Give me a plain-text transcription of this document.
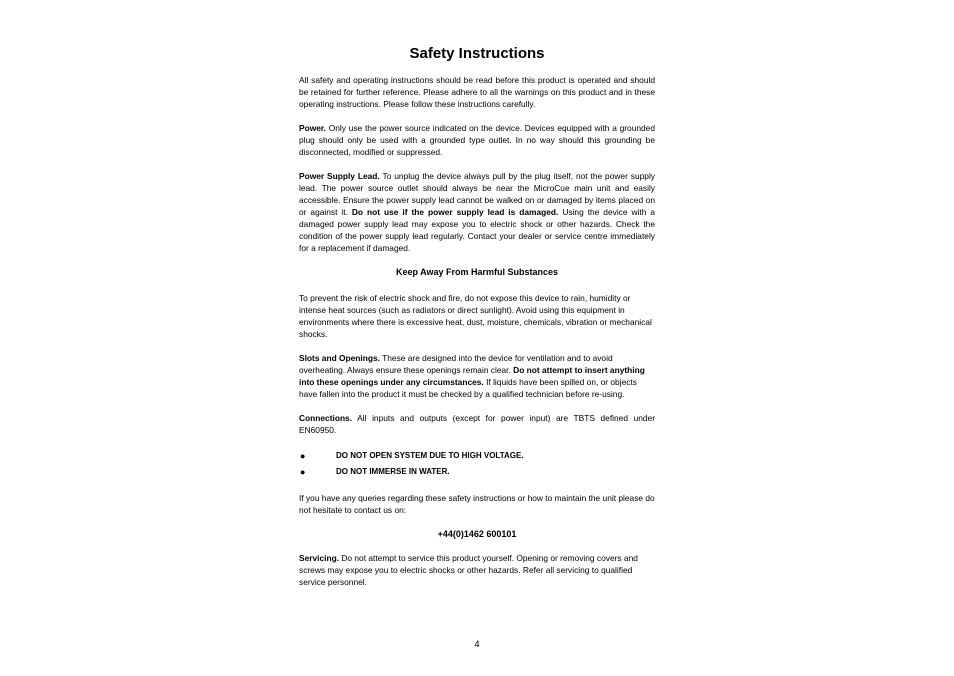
Safety Instructions

All safety and operating instructions should be read before this product is operated and should be retained for further reference. Please adhere to all the warnings on this product and in these operating instructions. Please follow these instructions carefully.

Power. Only use the power source indicated on the device. Devices equipped with a grounded plug should only be used with a grounded type outlet. In no way should this grounding be disconnected, modified or suppressed.

Power Supply Lead. To unplug the device always pull by the plug itself, not the power supply lead. The power source outlet should always be near the MicroCue main unit and easily accessible. Ensure the power supply lead cannot be walked on or damaged by items placed on or against it. Do not use if the power supply lead is damaged. Using the device with a damaged power supply lead may expose you to electric shock or other hazards. Check the condition of the power supply lead regularly. Contact your dealer or service centre immediately for a replacement if damaged.

Keep Away From Harmful Substances

To prevent the risk of electric shock and fire, do not expose this device to rain, humidity or intense heat sources (such as radiators or direct sunlight). Avoid using this equipment in environments where there is excessive heat, dust, moisture, chemicals, vibration or mechanical shocks.

Slots and Openings. These are designed into the device for ventilation and to avoid overheating. Always ensure these openings remain clear. Do not attempt to insert anything into these openings under any circumstances. If liquids have been spilled on, or objects have fallen into the product it must be checked by a qualified technician before re-using.

Connections. All inputs and outputs (except for power input) are TBTS defined under EN60950.

●	DO NOT OPEN SYSTEM DUE TO HIGH VOLTAGE.
●	DO NOT IMMERSE IN WATER.

If you have any queries regarding these safety instructions or how to maintain the unit please do not hesitate to contact us on:

+44(0)1462 600101

Servicing. Do not attempt to service this product yourself. Opening or removing covers and screws may expose you to electric shocks or other hazards. Refer all servicing to qualified service personnel.

4
